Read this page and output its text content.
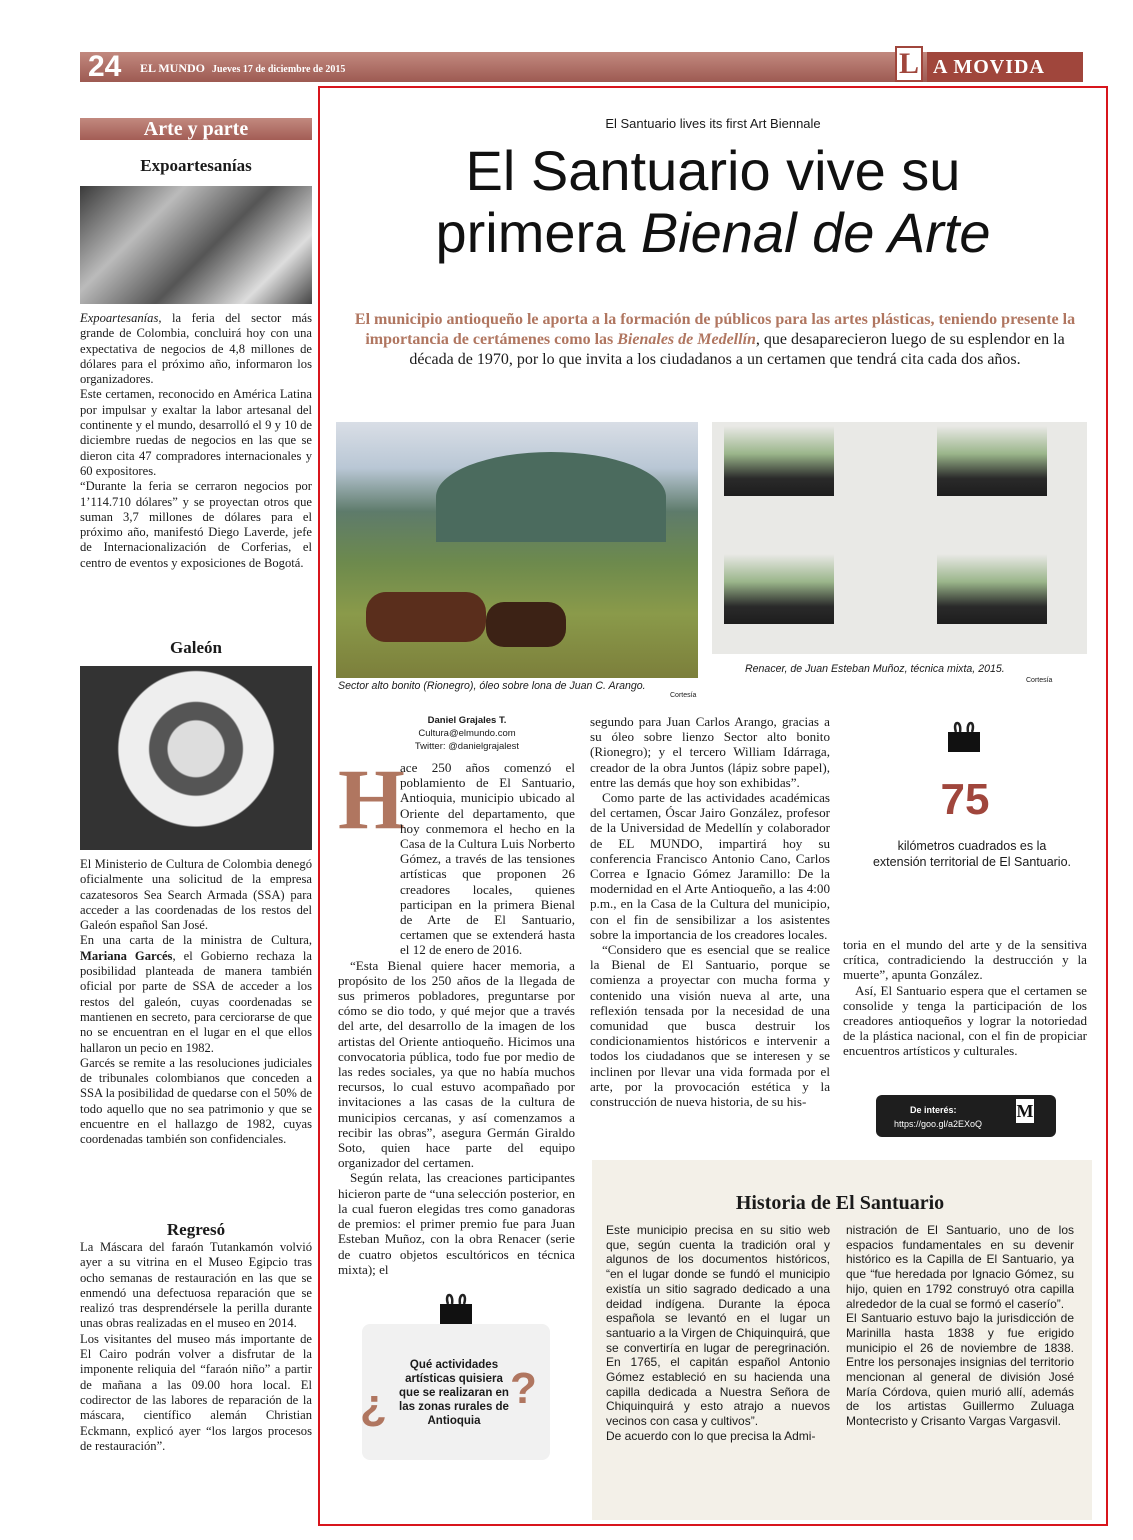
24 EL MUNDO Jueves 17 de diciembre de 2015	L A MOVIDA
Arte y parte
Expoartesanías

Expoartesanías, la feria del sector más grande de Colombia, concluirá hoy con una expectativa de negocios de 4,8 millones de dólares para el próximo año, informaron los organizadores.

Este certamen, reconocido en América Latina por impulsar y exaltar la labor artesanal del continente y el mundo, desarrolló el 9 y 10 de diciembre ruedas de negocios en las que se dieron cita 47 compradores internacionales y 60 expositores.

“Durante la feria se cerraron negocios por 1’114.710 dólares” y se proyectan otros que suman 3,7 millones de dólares para el próximo año, manifestó Diego Laverde, jefe de Internacionalización de Corferias, el centro de eventos y exposiciones de Bogotá.

Galeón

El Ministerio de Cultura de Colombia denegó oficialmente una solicitud de la empresa cazatesoros Sea Search Armada (SSA) para acceder a las coordenadas de los restos del Galeón español San José.

En una carta de la ministra de Cultura, Mariana Garcés, el Gobierno rechaza la posibilidad planteada de manera también oficial por parte de SSA de acceder a los restos del galeón, cuyas coordenadas se mantienen en secreto, para cerciorarse de que no se encuentran en el lugar en el que ellos hallaron un pecio en 1982.

Garcés se remite a las resoluciones judiciales de tribunales colombianos que conceden a SSA la posibilidad de quedarse con el 50% de todo aquello que no sea patrimonio y que se encuentre en el hallazgo de 1982, cuyas coordenadas también son confidenciales.

Regresó

La Máscara del faraón Tutankamón volvió ayer a su vitrina en el Museo Egipcio tras ocho semanas de restauración en las que se enmendó una defectuosa reparación que se realizó tras desprendérsele la perilla durante unas obras realizadas en el museo en 2014.

Los visitantes del museo más importante de El Cairo podrán volver a disfrutar de la imponente reliquia del “faraón niño” a partir de mañana a las 09.00 hora local. El codirector de las labores de reparación de la máscara, científico alemán Christian Eckmann, explicó ayer “los largos procesos de restauración”.

El Santuario lives its first Art Biennale
El Santuario vive su
primera Bienal de Arte
El municipio antioqueño le aporta a la formación de públicos para las artes plásticas, teniendo presente la importancia de certámenes como las Bienales de Medellín, que desaparecieron luego de su esplendor en la década de 1970, por lo que invita a los ciudadanos a un certamen que tendrá cita cada dos años.
Sector alto bonito (Rionegro), óleo sobre lona de Juan C. Arango.
Cortesía
Renacer, de Juan Esteban Muñoz, técnica mixta, 2015.
Cortesía
Daniel Grajales T.
Cultura@elmundo.com
Twitter: @danielgrajalest
H

ace 250 años comenzó el poblamiento de El Santuario, Antioquia, municipio ubicado al Oriente del departamento, que hoy conmemora el hecho en la Casa de la Cultura Luis Norberto Gómez, a través de las tensiones artísticas que proponen 26 creadores locales, quienes participan en la primera Bienal de Arte de El Santuario, certamen que se extenderá hasta el 12 de enero de 2016.

“Esta Bienal quiere hacer memoria, a propósito de los 250 años de la llegada de sus primeros pobladores, preguntarse por cómo se dio todo, y qué mejor que a través del arte, del desarrollo de la imagen de los artistas del Oriente antioqueño. Hicimos una convocatoria pública, todo fue por medio de las redes sociales, ya que no había muchos recursos, lo cual estuvo acompañado por invitaciones a las casas de la cultura de municipios cercanas, y así comenzamos a recibir las obras”, asegura Germán Giraldo Soto, quien hace parte del equipo organizador del certamen.

Según relata, las creaciones participantes hicieron parte de “una selección posterior, en la cual fueron elegidas tres como ganadoras de premios: el primer premio fue para Juan Esteban Muñoz, con la obra Renacer (serie de cuatro objetos escultóricos en técnica mixta); el

segundo para Juan Carlos Arango, gracias a su óleo sobre lienzo Sector alto bonito (Rionegro); y el tercero William Idárraga, creador de la obra Juntos (lápiz sobre papel), entre las demás que hoy son exhibidas”.

Como parte de las actividades académicas del certamen, Óscar Jairo González, profesor de la Universidad de Medellín y colaborador de EL MUNDO, impartirá hoy su conferencia Francisco Antonio Cano, Carlos Correa e Ignacio Gómez Jaramillo: De la modernidad en el Arte Antioqueño, a las 4:00 p.m., en la Casa de la Cultura del municipio, con el fin de sensibilizar a los asistentes sobre la importancia de los creadores locales.

“Considero que es esencial que se realice la Bienal de El Santuario, porque se comienza a proyectar con mucha forma y contenido una visión nueva al arte, una reflexión tensada por la necesidad de una comunidad que busca destruir los condicionamientos históricos e intervenir a todos los ciudadanos que se interesen y se inclinen por llevar una vida formada por el arte, por la provocación estética y la construcción de nueva historia, de su his-

toria en el mundo del arte y de la sensitiva crítica, contradiciendo la destrucción y la muerte”, apunta González.

Así, El Santuario espera que el certamen se consolide y tenga la participación de los creadores antioqueños y lograr la notoriedad de la plástica nacional, con el fin de propiciar encuentros artísticos y culturales.

75
kilómetros cuadrados es la extensión territorial de El Santuario.
De interés:
https://goo.gl/a2EXoQ
M
Historia de El Santuario

Este municipio precisa en su sitio web que, según cuenta la tradición oral y algunos de los documentos históricos, “en el lugar donde se fundó el municipio existía un sitio sagrado dedicado a una deidad indígena. Durante la época española se levantó en el lugar un santuario a la Virgen de Chiquinquirá, que se convertiría en lugar de peregrinación. En 1765, el capitán español Antonio Gómez estableció en su hacienda una capilla dedicada a Nuestra Señora de Chiquinquirá y esto atrajo a nuevos vecinos con casa y cultivos”.

De acuerdo con lo que precisa la Admi-

nistración de El Santuario, uno de los espacios fundamentales en su devenir histórico es la Capilla de El Santuario, ya que “fue heredada por Ignacio Gómez, su hijo, quien en 1792 construyó otra capilla alrededor de la cual se formó el caserío”.

El Santuario estuvo bajo la jurisdicción de Marinilla hasta 1838 y fue erigido municipio el 26 de noviembre de 1838. Entre los personajes insignias del territorio mencionan al general de división José María Córdova, quien murió allí, además de los artistas Guillermo Zuluaga Montecristo y Crisanto Vargas Vargasvil.

¿	?
Qué actividades artísticas quisiera que se realizaran en las zonas rurales de Antioquia
